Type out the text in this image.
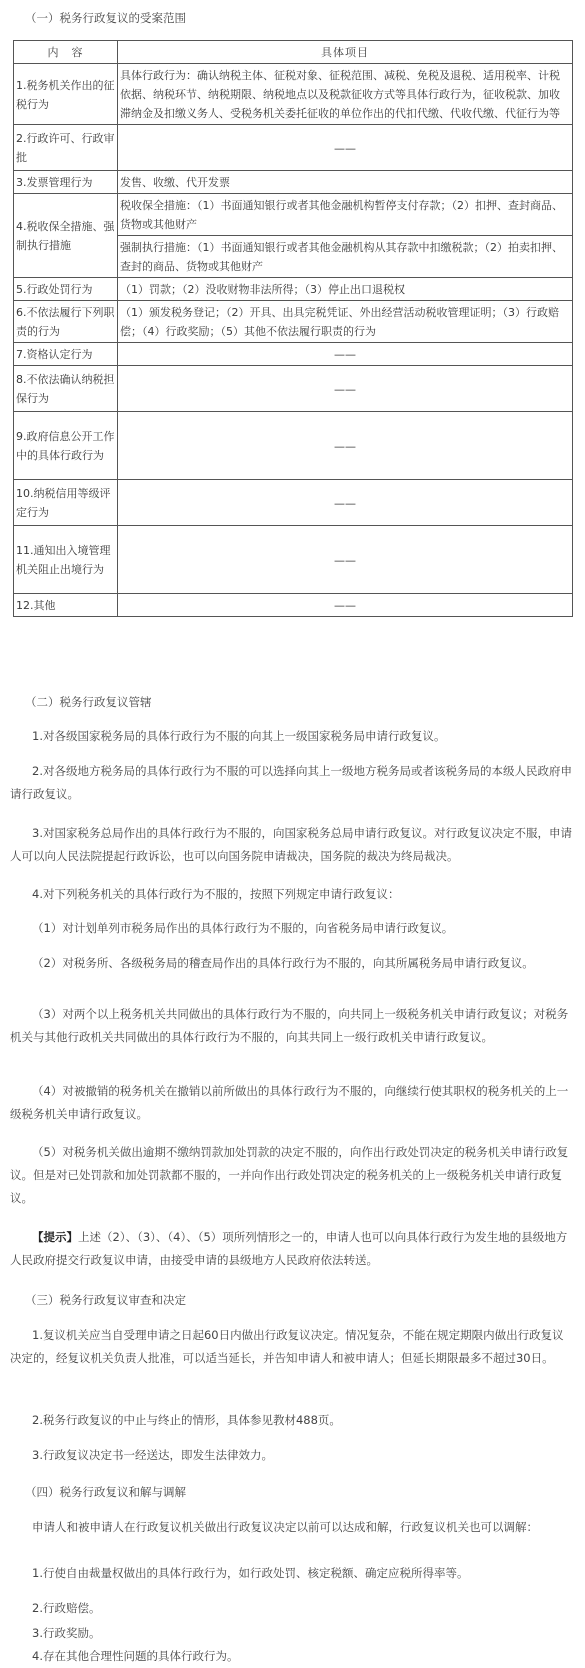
（一）税务行政复议的受案范围
内　容	具体项目
1.税务机关作出的征税行为	具体行政行为：确认纳税主体、征税对象、征税范围、减税、免税及退税、适用税率、计税依据、纳税环节、纳税期限、纳税地点以及税款征收方式等具体行政行为，征收税款、加收滞纳金及扣缴义务人、受税务机关委托征收的单位作出的代扣代缴、代收代缴、代征行为等
2.行政许可、行政审批	——
3.发票管理行为	发售、收缴、代开发票
4.税收保全措施、强制执行措施	税收保全措施：（1）书面通知银行或者其他金融机构暂停支付存款；（2）扣押、查封商品、货物或其他财产
	强制执行措施：（1）书面通知银行或者其他金融机构从其存款中扣缴税款；（2）拍卖扣押、查封的商品、货物或其他财产
5.行政处罚行为	（1）罚款；（2）没收财物非法所得；（3）停止出口退税权
6.不依法履行下列职责的行为	（1）颁发税务登记；（2）开具、出具完税凭证、外出经营活动税收管理证明；（3）行政赔偿；（4）行政奖励；（5）其他不依法履行职责的行为
7.资格认定行为	——
8.不依法确认纳税担保行为	——
9.政府信息公开工作中的具体行政行为	——
10.纳税信用等级评定行为	——
11.通知出入境管理机关阻止出境行为	——
12.其他	——
（二）税务行政复议管辖
1.对各级国家税务局的具体行政行为不服的向其上一级国家税务局申请行政复议。
2.对各级地方税务局的具体行政行为不服的可以选择向其上一级地方税务局或者该税务局的本级人民政府申请行政复议。
3.对国家税务总局作出的具体行政行为不服的，向国家税务总局申请行政复议。对行政复议决定不服，申请人可以向人民法院提起行政诉讼，也可以向国务院申请裁决，国务院的裁决为终局裁决。
4.对下列税务机关的具体行政行为不服的，按照下列规定申请行政复议：
（1）对计划单列市税务局作出的具体行政行为不服的，向省税务局申请行政复议。
（2）对税务所、各级税务局的稽查局作出的具体行政行为不服的，向其所属税务局申请行政复议。
（3）对两个以上税务机关共同做出的具体行政行为不服的，向共同上一级税务机关申请行政复议；对税务机关与其他行政机关共同做出的具体行政行为不服的，向其共同上一级行政机关申请行政复议。
（4）对被撤销的税务机关在撤销以前所做出的具体行政行为不服的，向继续行使其职权的税务机关的上一级税务机关申请行政复议。
（5）对税务机关做出逾期不缴纳罚款加处罚款的决定不服的，向作出行政处罚决定的税务机关申请行政复议。但是对已处罚款和加处罚款都不服的，一并向作出行政处罚决定的税务机关的上一级税务机关申请行政复议。
【提示】上述（2）、（3）、（4）、（5）项所列情形之一的，申请人也可以向具体行政行为发生地的县级地方人民政府提交行政复议申请，由接受申请的县级地方人民政府依法转送。
（三）税务行政复议审查和决定
1.复议机关应当自受理申请之日起60日内做出行政复议决定。情况复杂，不能在规定期限内做出行政复议决定的，经复议机关负责人批准，可以适当延长，并告知申请人和被申请人；但延长期限最多不超过30日。
2.税务行政复议的中止与终止的情形，具体参见教材488页。
3.行政复议决定书一经送达，即发生法律效力。
（四）税务行政复议和解与调解
申请人和被申请人在行政复议机关做出行政复议决定以前可以达成和解，行政复议机关也可以调解：
1.行使自由裁量权做出的具体行政行为，如行政处罚、核定税额、确定应税所得率等。
2.行政赔偿。
3.行政奖励。
4.存在其他合理性问题的具体行政行为。
